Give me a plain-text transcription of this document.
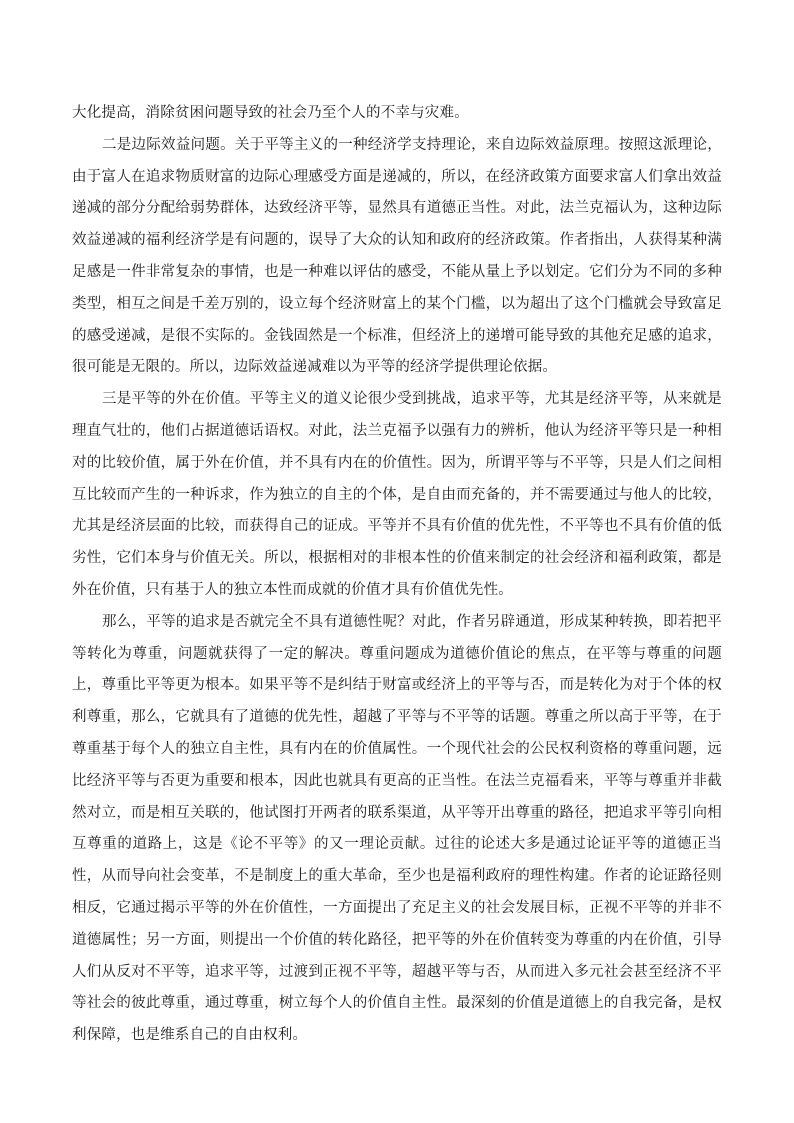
大化提高，消除贫困问题导致的社会乃至个人的不幸与灾难。

二是边际效益问题。关于平等主义的一种经济学支持理论，来自边际效益原理。按照这派理论，由于富人在追求物质财富的边际心理感受方面是递减的，所以，在经济政策方面要求富人们拿出效益递减的部分分配给弱势群体，达致经济平等，显然具有道德正当性。对此，法兰克福认为，这种边际效益递减的福利经济学是有问题的，误导了大众的认知和政府的经济政策。作者指出，人获得某种满足感是一件非常复杂的事情，也是一种难以评估的感受，不能从量上予以划定。它们分为不同的多种类型，相互之间是千差万别的，设立每个经济财富上的某个门槛，以为超出了这个门槛就会导致富足的感受递减，是很不实际的。金钱固然是一个标准，但经济上的递增可能导致的其他充足感的追求，很可能是无限的。所以，边际效益递减难以为平等的经济学提供理论依据。

三是平等的外在价值。平等主义的道义论很少受到挑战，追求平等，尤其是经济平等，从来就是理直气壮的，他们占据道德话语权。对此，法兰克福予以强有力的辨析，他认为经济平等只是一种相对的比较价值，属于外在价值，并不具有内在的价值性。因为，所谓平等与不平等，只是人们之间相互比较而产生的一种诉求，作为独立的自主的个体，是自由而充备的，并不需要通过与他人的比较，尤其是经济层面的比较，而获得自己的证成。平等并不具有价值的优先性，不平等也不具有价值的低劣性，它们本身与价值无关。所以，根据相对的非根本性的价值来制定的社会经济和福利政策，都是外在价值，只有基于人的独立本性而成就的价值才具有价值优先性。

那么，平等的追求是否就完全不具有道德性呢？对此，作者另辟通道，形成某种转换，即若把平等转化为尊重，问题就获得了一定的解决。尊重问题成为道德价值论的焦点，在平等与尊重的问题上，尊重比平等更为根本。如果平等不是纠结于财富或经济上的平等与否，而是转化为对于个体的权利尊重，那么，它就具有了道德的优先性，超越了平等与不平等的话题。尊重之所以高于平等，在于尊重基于每个人的独立自主性，具有内在的价值属性。一个现代社会的公民权利资格的尊重问题，远比经济平等与否更为重要和根本，因此也就具有更高的正当性。在法兰克福看来，平等与尊重并非截然对立，而是相互关联的，他试图打开两者的联系渠道，从平等开出尊重的路径，把追求平等引向相互尊重的道路上，这是《论不平等》的又一理论贡献。过往的论述大多是通过论证平等的道德正当性，从而导向社会变革，不是制度上的重大革命，至少也是福利政府的理性构建。作者的论证路径则相反，它通过揭示平等的外在价值性，一方面提出了充足主义的社会发展目标，正视不平等的并非不道德属性；另一方面，则提出一个价值的转化路径，把平等的外在价值转变为尊重的内在价值，引导人们从反对不平等，追求平等，过渡到正视不平等，超越平等与否，从而进入多元社会甚至经济不平等社会的彼此尊重，通过尊重，树立每个人的价值自主性。最深刻的价值是道德上的自我完备，是权利保障，也是维系自己的自由权利。
